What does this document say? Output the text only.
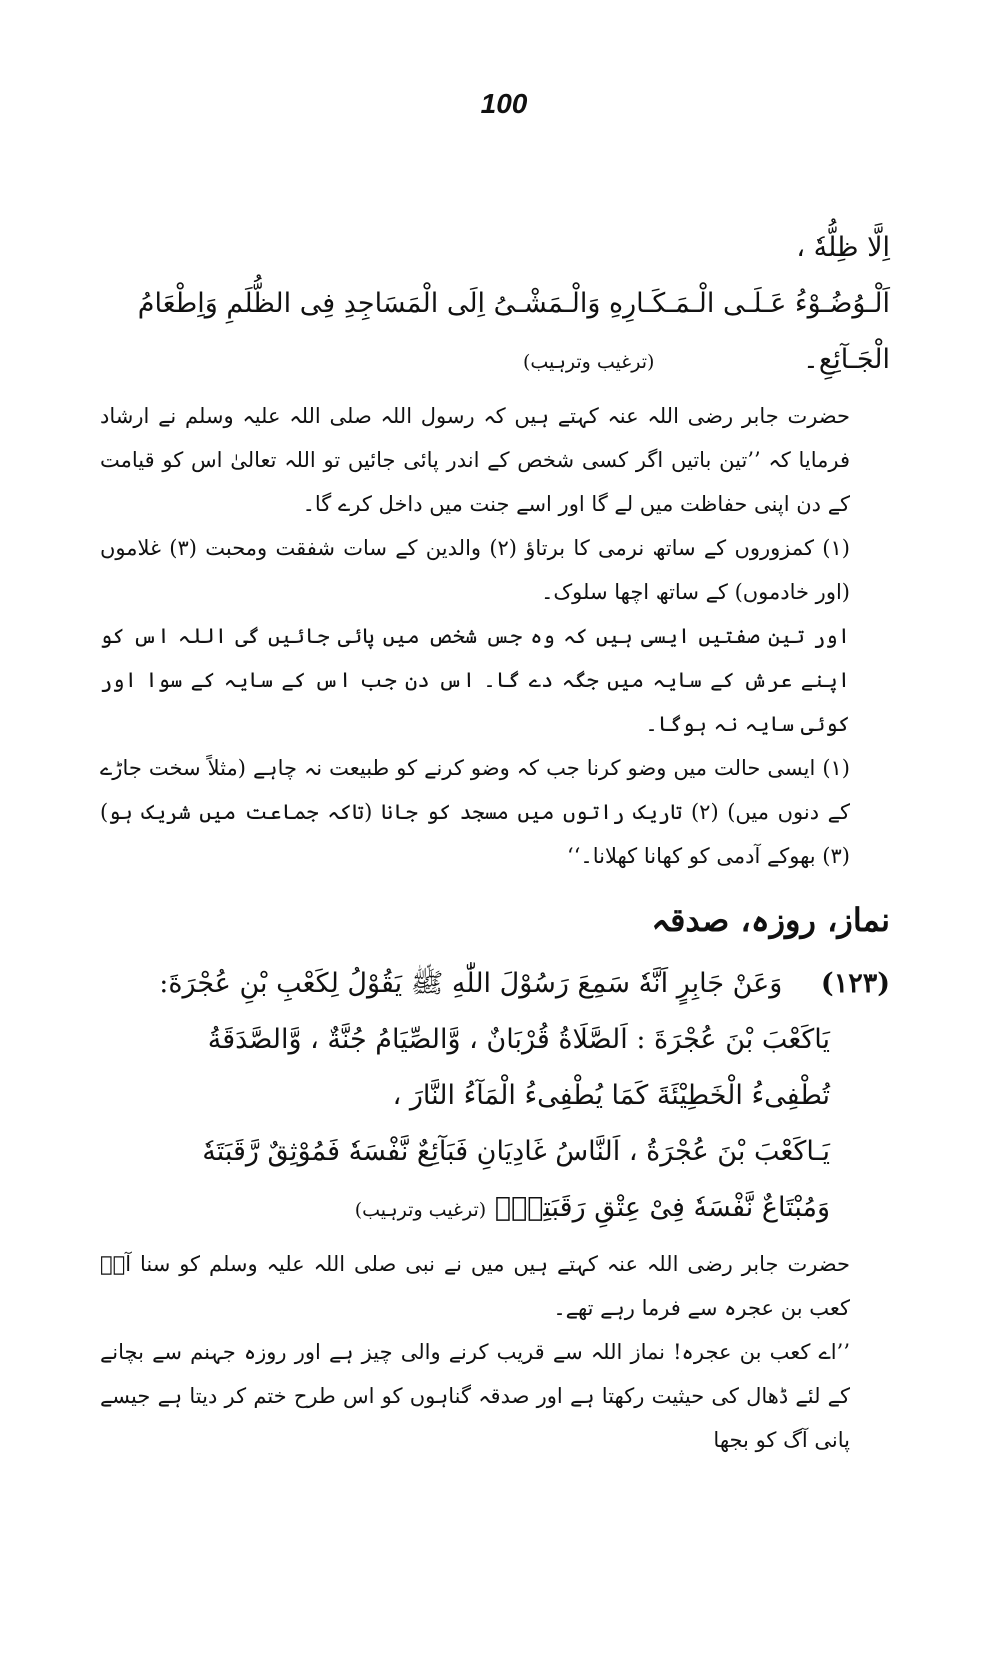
100

اِلَّا ظِلُّهٗ ،

اَلْـوُضُـوْءُ عَـلَـى الْـمَـكَـارِهِ وَالْـمَشْـىُ اِلَى الْمَسَاجِدِ فِى الظُّلَمِ وَاِطْعَامُ

الْجَـآئِعِ۔ (ترغیب وترہیب)

حضرت جابر رضی اللہ عنہ کہتے ہیں کہ رسول اللہ صلی اللہ علیہ وسلم نے ارشاد فرمایا کہ ’’تین باتیں اگر کسی شخص کے اندر پائی جائیں تو اللہ تعالیٰ اس کو قیامت کے دن اپنی حفاظت میں لے گا اور اسے جنت میں داخل کرے گا۔

(۱) کمزوروں کے ساتھ نرمی کا برتاؤ (۲) والدین کے سات شفقت ومحبت (۳) غلاموں (اور خادموں) کے ساتھ اچھا سلوک۔

اور تین صفتیں ایسی ہیں کہ وہ جس شخص میں پائی جائیں گی اللہ اس کو اپنے عرش کے سایہ میں جگہ دے گا۔ اس دن جب اس کے سایہ کے سوا اور کوئی سایہ نہ ہوگا۔

(۱) ایسی حالت میں وضو کرنا جب کہ وضو کرنے کو طبیعت نہ چاہے (مثلاً سخت جاڑے کے دنوں میں) (۲) تاریک راتوں میں مسجد کو جانا (تاکہ جماعت میں شریک ہو) (۳) بھوکے آدمی کو کھانا کھلانا۔‘‘

نماز، روزہ، صدقہ

(۱۲۳) وَعَنْ جَابِرٍ اَنَّهٗ سَمِعَ رَسُوْلَ اللّٰهِ ﷺ يَقُوْلُ لِكَعْبِ بْنِ عُجْرَةَ:

يَاكَعْبَ بْنَ عُجْرَةَ : اَلصَّلَاةُ قُرْبَانٌ ، وَّالصِّيَامُ جُنَّةٌ ، وَّالصَّدَقَةُ

تُطْفِىءُ الْخَطِيْئَةَ كَمَا يُطْفِىءُ الْمَآءُ النَّارَ ،

يَـاكَعْبَ بْنَ عُجْرَةُ ، اَلنَّاسُ غَادِيَانِ فَبَآئِعٌ نَّفْسَهٗ فَمُوْثِقٌ رَّقَبَتَهٗ

وَمُبْتَاعٌ نَّفْسَهٗ فِىْ عِتْقِ رَقَبَتِهٖ۔ (ترغیب وترہیب)

حضرت جابر رضی اللہ عنہ کہتے ہیں میں نے نبی صلی اللہ علیہ وسلم کو سنا آپؐ کعب بن عجرہ سے فرما رہے تھے۔

’’اے کعب بن عجرہ! نماز اللہ سے قریب کرنے والی چیز ہے اور روزہ جہنم سے بچانے کے لئے ڈھال کی حیثیت رکھتا ہے اور صدقہ گناہوں کو اس طرح ختم کر دیتا ہے جیسے پانی آگ کو بجھا
